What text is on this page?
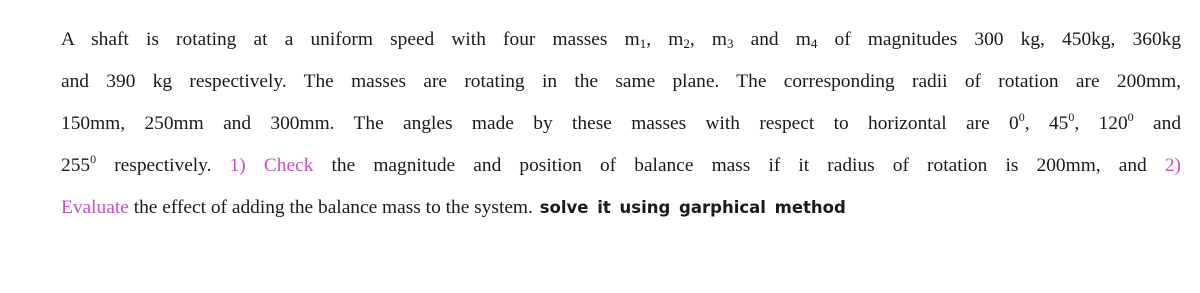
A shaft is rotating at a uniform speed with four masses $m_1$, $m_2$, $m_3$ and $m_4$ of magnitudes 300 kg, 450kg, 360kg
and 390 kg respectively. The masses are rotating in the same plane. The corresponding radii of rotation are 200mm,
150mm, 250mm and 300mm. The angles made by these masses with respect to horizontal are $0^0$, $45^0$, $120^0$ and
$255^0$ respectively. 1) Check the magnitude and position of balance mass if it radius of rotation is 200mm, and 2)
Evaluate the effect of adding the balance mass to the system. solve it using garphical method
